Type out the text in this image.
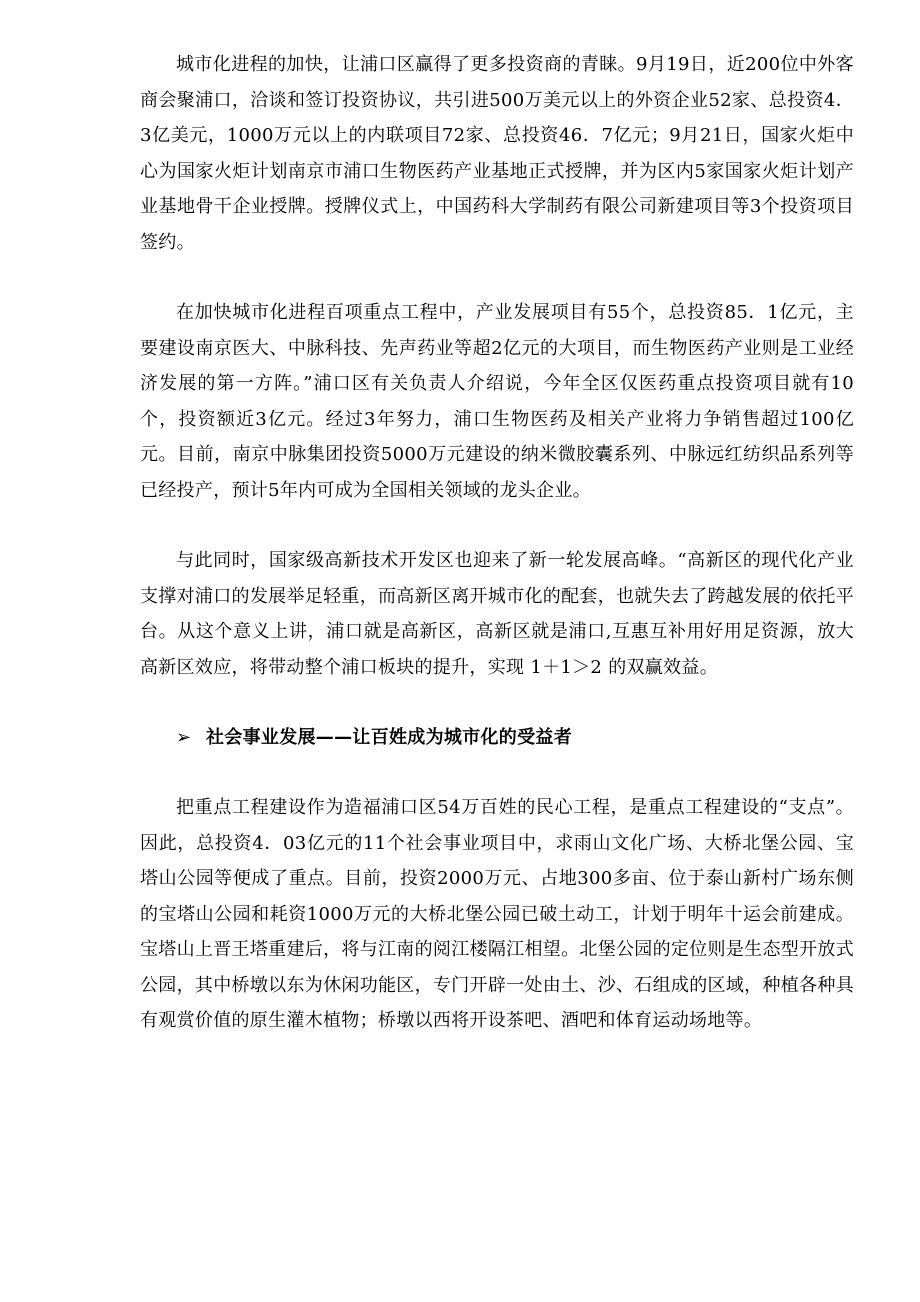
城市化进程的加快，让浦口区赢得了更多投资商的青睐。9月19日，近200位中外客商会聚浦口，洽谈和签订投资协议，共引进500万美元以上的外资企业52家、总投资4．3亿美元，1000万元以上的内联项目72家、总投资46．7亿元；9月21日，国家火炬中心为国家火炬计划南京市浦口生物医药产业基地正式授牌，并为区内5家国家火炬计划产业基地骨干企业授牌。授牌仪式上，中国药科大学制药有限公司新建项目等3个投资项目签约。

在加快城市化进程百项重点工程中，产业发展项目有55个，总投资85．1亿元，主要建设南京医大、中脉科技、先声药业等超2亿元的大项目，而生物医药产业则是工业经济发展的第一方阵。”浦口区有关负责人介绍说，今年全区仅医药重点投资项目就有10个，投资额近3亿元。经过3年努力，浦口生物医药及相关产业将力争销售超过100亿元。目前，南京中脉集团投资5000万元建设的纳米微胶囊系列、中脉远红纺织品系列等已经投产，预计5年内可成为全国相关领域的龙头企业。

与此同时，国家级高新技术开发区也迎来了新一轮发展高峰。“高新区的现代化产业支撑对浦口的发展举足轻重，而高新区离开城市化的配套，也就失去了跨越发展的依托平台。从这个意义上讲，浦口就是高新区，高新区就是浦口,互惠互补用好用足资源，放大高新区效应，将带动整个浦口板块的提升，实现 1＋1＞2 的双赢效益。

➢ 社会事业发展——让百姓成为城市化的受益者

把重点工程建设作为造福浦口区54万百姓的民心工程，是重点工程建设的“支点”。因此，总投资4．03亿元的11个社会事业项目中，求雨山文化广场、大桥北堡公园、宝塔山公园等便成了重点。目前，投资2000万元、占地300多亩、位于泰山新村广场东侧的宝塔山公园和耗资1000万元的大桥北堡公园已破土动工，计划于明年十运会前建成。宝塔山上晋王塔重建后，将与江南的阅江楼隔江相望。北堡公园的定位则是生态型开放式公园，其中桥墩以东为休闲功能区，专门开辟一处由土、沙、石组成的区域，种植各种具有观赏价值的原生灌木植物；桥墩以西将开设茶吧、酒吧和体育运动场地等。
